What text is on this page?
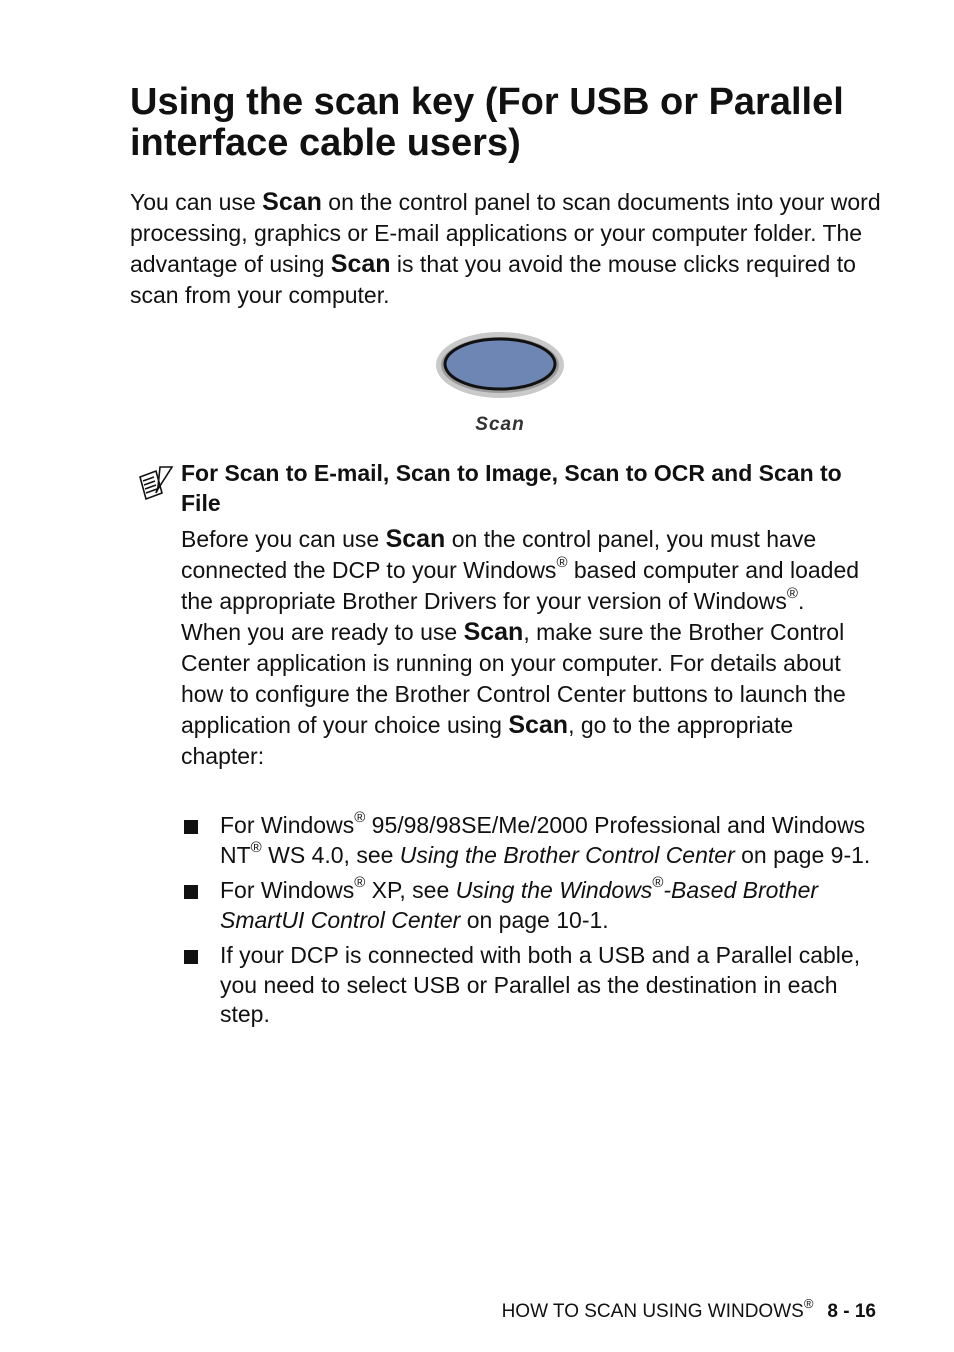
Using the scan key (For USB or Parallel interface cable users)

You can use Scan on the control panel to scan documents into your word processing, graphics or E-mail applications or your computer folder. The advantage of using Scan is that you avoid the mouse clicks required to scan from your computer.

Scan
For Scan to E-mail, Scan to Image, Scan to OCR and Scan to File

Before you can use Scan on the control panel, you must have connected the DCP to your Windows® based computer and loaded the appropriate Brother Drivers for your version of Windows®.

When you are ready to use Scan, make sure the Brother Control Center application is running on your computer. For details about how to configure the Brother Control Center buttons to launch the application of your choice using Scan, go to the appropriate chapter:

For Windows® 95/98/98SE/Me/2000 Professional and Windows NT® WS 4.0, see Using the Brother Control Center on page 9-1.
For Windows® XP, see Using the Windows®-Based Brother SmartUI Control Center on page 10-1.
If your DCP is connected with both a USB and a Parallel cable, you need to select USB or Parallel as the destination in each step.
HOW TO SCAN USING WINDOWS® 8 - 16
